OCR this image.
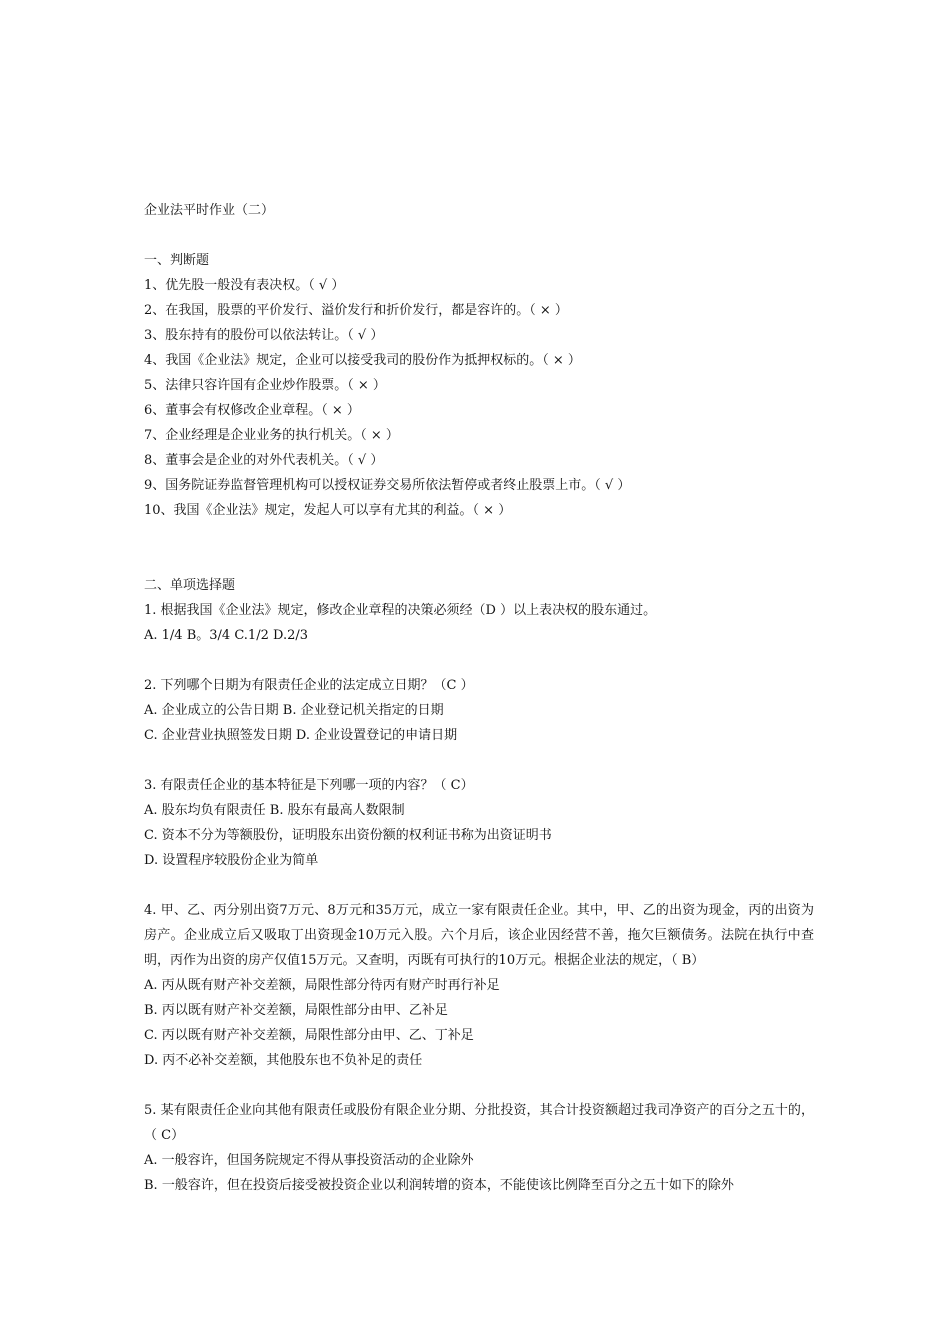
企业法平时作业（二）
一、判断题
1、优先股一般没有表决权。（ √ ）
2、在我国，股票的平价发行、溢价发行和折价发行，都是容许的。（ × ）
3、股东持有的股份可以依法转让。（ √ ）
4、我国《企业法》规定，企业可以接受我司的股份作为抵押权标的。（ × ）
5、法律只容许国有企业炒作股票。（ × ）
6、董事会有权修改企业章程。（ × ）
7、企业经理是企业业务的执行机关。（ × ）
8、董事会是企业的对外代表机关。（ √ ）
9、国务院证券监督管理机构可以授权证券交易所依法暂停或者终止股票上市。（ √ ）
10、我国《企业法》规定，发起人可以享有尤其的利益。（ × ）
二、单项选择题
1. 根据我国《企业法》规定，修改企业章程的决策必须经（D ）以上表决权的股东通过。
A. 1/4 B。3/4 C.1/2 D.2/3
2. 下列哪个日期为有限责任企业的法定成立日期？（C ）
A. 企业成立的公告日期 B. 企业登记机关指定的日期
C. 企业营业执照签发日期 D. 企业设置登记的申请日期
3. 有限责任企业的基本特征是下列哪一项的内容？（ C）
A. 股东均负有限责任 B. 股东有最高人数限制
C. 资本不分为等额股份，证明股东出资份额的权利证书称为出资证明书
D. 设置程序较股份企业为简单
4. 甲、乙、丙分别出资7万元、8万元和35万元，成立一家有限责任企业。其中，甲、乙的出资为现金，丙的出资为房产。企业成立后又吸取丁出资现金10万元入股。六个月后，该企业因经营不善，拖欠巨额债务。法院在执行中查明，丙作为出资的房产仅值15万元。又查明，丙既有可执行的10万元。根据企业法的规定，（ B）
A. 丙从既有财产补交差额，局限性部分待丙有财产时再行补足
B. 丙以既有财产补交差额，局限性部分由甲、乙补足
C. 丙以既有财产补交差额，局限性部分由甲、乙、丁补足
D. 丙不必补交差额，其他股东也不负补足的责任
5. 某有限责任企业向其他有限责任或股份有限企业分期、分批投资，其合计投资额超过我司净资产的百分之五十的，（ C）
A. 一般容许，但国务院规定不得从事投资活动的企业除外
B. 一般容许，但在投资后接受被投资企业以利润转增的资本，不能使该比例降至百分之五十如下的除外
